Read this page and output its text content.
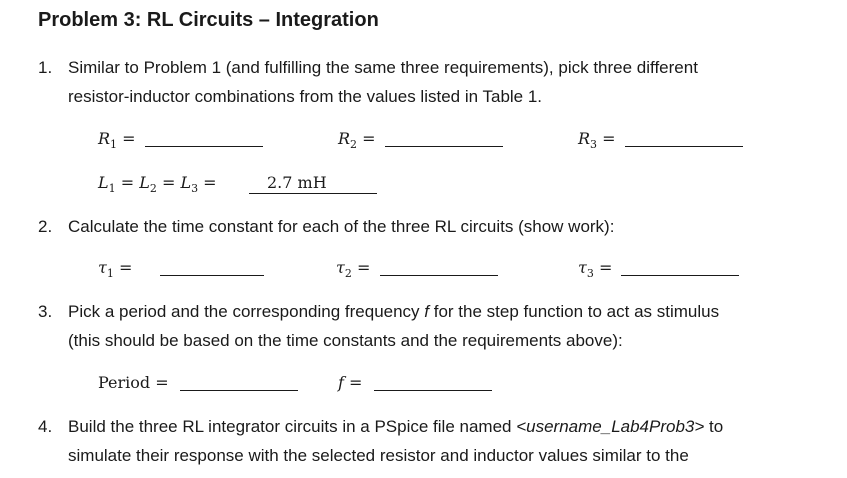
Problem 3: RL Circuits – Integration
1. Similar to Problem 1 (and fulfilling the same three requirements), pick three different
resistor-inductor combinations from the values listed in Table 1.
$R_1$ =	$R_2$ =	$R_3$ =
$L_1 = L_2 = L_3$ =	2.7 mH
2. Calculate the time constant for each of the three RL circuits (show work):
$\tau_1$ =	$\tau_2$ =	$\tau_3$ =
3. Pick a period and the corresponding frequency f for the step function to act as stimulus
(this should be based on the time constants and the requirements above):
Period =	f =
4. Build the three RL integrator circuits in a PSpice file named <username_Lab4Prob3> to
simulate their response with the selected resistor and inductor values similar to the
